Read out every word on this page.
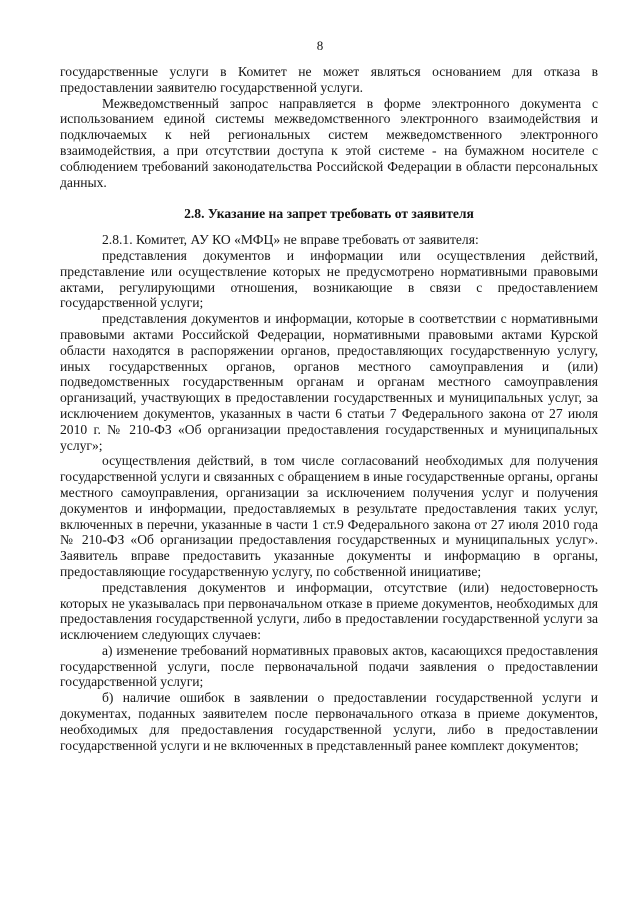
8

государственные услуги в Комитет не может являться основанием для отказа в предоставлении заявителю государственной услуги.

Межведомственный запрос направляется в форме электронного документа с использованием единой системы межведомственного электронного взаимодействия и подключаемых к ней региональных систем межведомственного электронного взаимодействия, а при отсутствии доступа к этой системе - на бумажном носителе с соблюдением требований законодательства Российской Федерации в области персональных данных.

2.8. Указание на запрет требовать от заявителя

2.8.1. Комитет, АУ КО «МФЦ» не вправе требовать от заявителя:

представления документов и информации или осуществления действий, представление или осуществление которых не предусмотрено нормативными правовыми актами, регулирующими отношения, возникающие в связи с предоставлением государственной услуги;

представления документов и информации, которые в соответствии с нормативными правовыми актами Российской Федерации, нормативными правовыми актами Курской области находятся в распоряжении органов, предоставляющих государственную услугу, иных государственных органов, органов местного самоуправления и (или) подведомственных государственным органам и органам местного самоуправления организаций, участвующих в предоставлении государственных и муниципальных услуг, за исключением документов, указанных в части 6 статьи 7 Федерального закона от 27 июля 2010 г. № 210-ФЗ «Об организации предоставления государственных и муниципальных услуг»;

осуществления действий, в том числе согласований необходимых для получения государственной услуги и связанных с обращением в иные государственные органы, органы местного самоуправления, организации за исключением получения услуг и получения документов и информации, предоставляемых в результате предоставления таких услуг, включенных в перечни, указанные в части 1 ст.9 Федерального закона от 27 июля 2010 года № 210-ФЗ «Об организации предоставления государственных и муниципальных услуг». Заявитель вправе предоставить указанные документы и информацию в органы, предоставляющие государственную услугу, по собственной инициативе;

представления документов и информации, отсутствие (или) недостоверность которых не указывалась при первоначальном отказе в приеме документов, необходимых для предоставления государственной услуги, либо в предоставлении государственной услуги за исключением следующих случаев:

а) изменение требований нормативных правовых актов, касающихся предоставления государственной услуги, после первоначальной подачи заявления о предоставлении государственной услуги;

б) наличие ошибок в заявлении о предоставлении государственной услуги и документах, поданных заявителем после первоначального отказа в приеме документов, необходимых для предоставления государственной услуги, либо в предоставлении государственной услуги и не включенных в представленный ранее комплект документов;
